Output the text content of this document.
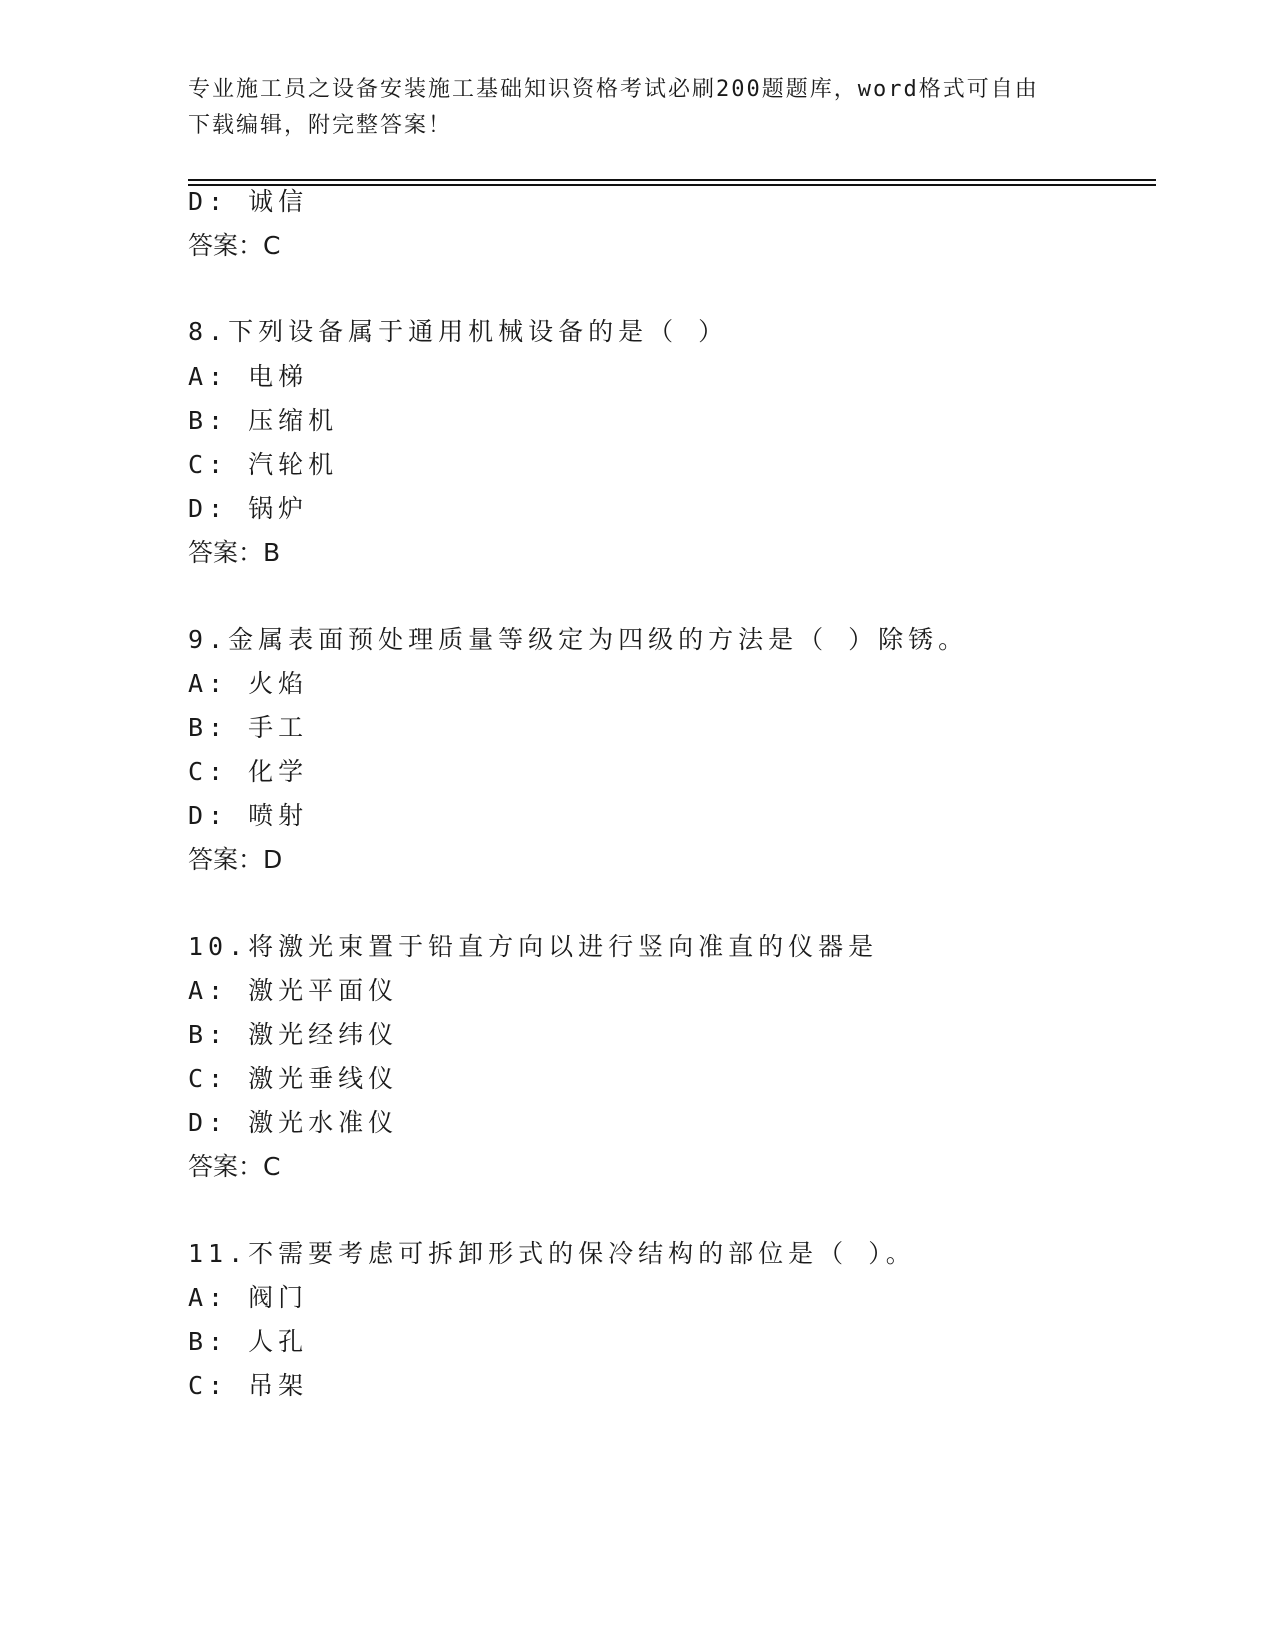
专业施工员之设备安装施工基础知识资格考试必刷200题题库，word格式可自由
下载编辑，附完整答案！
D: 诚信
答案：C
8.下列设备属于通用机械设备的是（ ）
A: 电梯
B: 压缩机
C: 汽轮机
D: 锅炉
答案：B
9.金属表面预处理质量等级定为四级的方法是（ ）除锈。
A: 火焰
B: 手工
C: 化学
D: 喷射
答案：D
10.将激光束置于铅直方向以进行竖向准直的仪器是
A: 激光平面仪
B: 激光经纬仪
C: 激光垂线仪
D: 激光水准仪
答案：C
11.不需要考虑可拆卸形式的保冷结构的部位是（ ）。
A: 阀门
B: 人孔
C: 吊架
